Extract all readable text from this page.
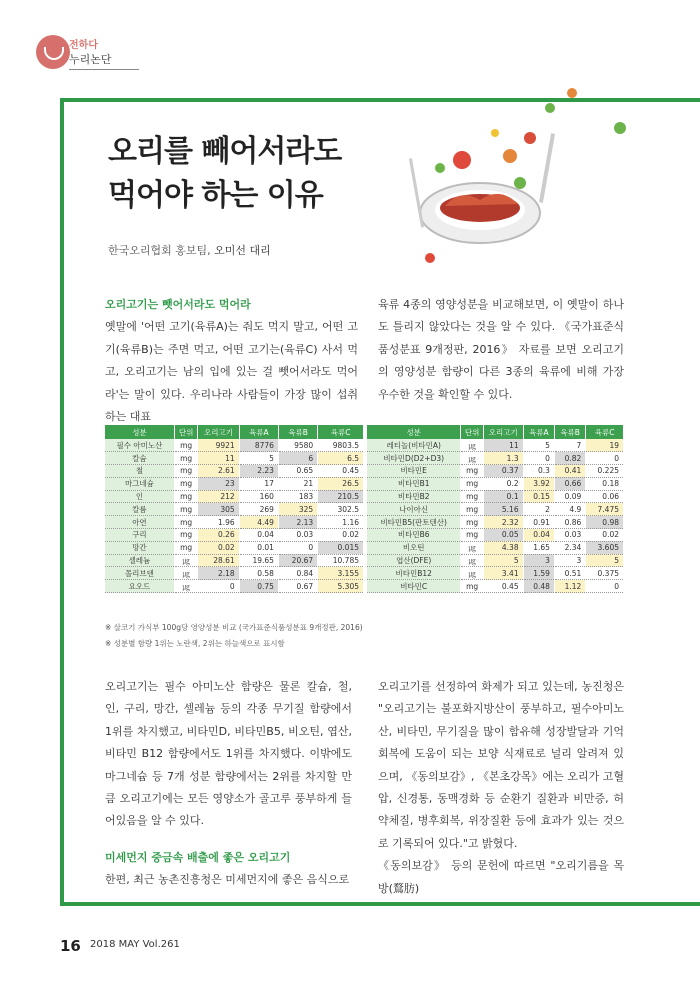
전하다
누리논단
오리를 빼어서라도
먹어야 하는 이유
한국오리협회 홍보팀, 오미선 대리

오리고기는 뺏어서라도 먹어라

옛말에 '어떤 고기(육류A)는 줘도 먹지 말고, 어떤 고기(육류B)는 주면 먹고, 어떤 고기는(육류C) 사서 먹고, 오리고기는 남의 입에 있는 걸 뺏어서라도 먹어라'는 말이 있다. 우리나라 사람들이 가장 많이 섭취하는 대표

육류 4종의 영양성분을 비교해보면, 이 옛말이 하나도 틀리지 않았다는 것을 알 수 있다. 《국가표준식품성분표 9개정판, 2016》 자료를 보면 오리고기의 영양성분 함량이 다른 3종의 육류에 비해 가장 우수한 것을 확인할 수 있다.

성분	단위	오리고기	육류A	육류B	육류C
필수 아미노산	mg	9921	8776	9580	9803.5
칼슘	mg	11	5	6	6.5
철	mg	2.61	2.23	0.65	0.45
마그네슘	mg	23	17	21	26.5
인	mg	212	160	183	210.5
칼륨	mg	305	269	325	302.5
아연	mg	1.96	4.49	2.13	1.16
구리	mg	0.26	0.04	0.03	0.02
망간	mg	0.02	0.01	0	0.015
셀레늄	㎍	28.61	19.65	20.67	10.785
몰리브덴	㎍	2.18	0.58	0.84	3.155
요오드	㎍	0	0.75	0.67	5.305
성분	단위	오리고기	육류A	육류B	육류C
레티놀(비타민A)	㎍	11	5	7	19
비타민D(D2+D3)	㎍	1.3	0	0.82	0
비타민E	mg	0.37	0.3	0.41	0.225
비타민B1	mg	0.2	3.92	0.66	0.18
비타민B2	mg	0.1	0.15	0.09	0.06
나이아신	mg	5.16	2	4.9	7.475
비타민B5(판토텐산)	mg	2.32	0.91	0.86	0.98
비타민B6	mg	0.05	0.04	0.03	0.02
비오틴	㎍	4.38	1.65	2.34	3.605
엽산(DFE)	㎍	5	3	3	5
비타민B12	㎍	3.41	1.59	0.51	0.375
비타민C	mg	0.45	0.48	1.12	0
※ 살코기 가식부 100g당 영양성분 비교 (국가표준식품성분표 9개정판, 2016)
※ 성분별 함량 1위는 노란색, 2위는 하늘색으로 표시함

오리고기는 필수 아미노산 함량은 물론 칼슘, 철, 인, 구리, 망간, 셀레늄 등의 각종 무기질 함량에서 1위를 차지했고, 비타민D, 비타민B5, 비오틴, 엽산, 비타민 B12 함량에서도 1위를 차지했다. 이밖에도 마그네슘 등 7개 성분 함량에서는 2위를 차지할 만큼 오리고기에는 모든 영양소가 골고루 풍부하게 들어있음을 알 수 있다.

미세먼지 중금속 배출에 좋은 오리고기

한편, 최근 농촌진흥청은 미세먼지에 좋은 음식으로

오리고기를 선정하여 화제가 되고 있는데, 농진청은 "오리고기는 불포화지방산이 풍부하고, 필수아미노산, 비타민, 무기질을 많이 함유해 성장발달과 기억회복에 도움이 되는 보양 식재료로 널리 알려져 있으며, 《동의보감》, 《본초강목》에는 오리가 고혈압, 신경통, 동맥경화 등 순환기 질환과 비만증, 허약체질, 병후회복, 위장질환 등에 효과가 있는 것으로 기록되어 있다."고 밝혔다.

《동의보감》 등의 문헌에 따르면 "오리기름을 목방(鶩肪)

16 2018 MAY Vol.261
